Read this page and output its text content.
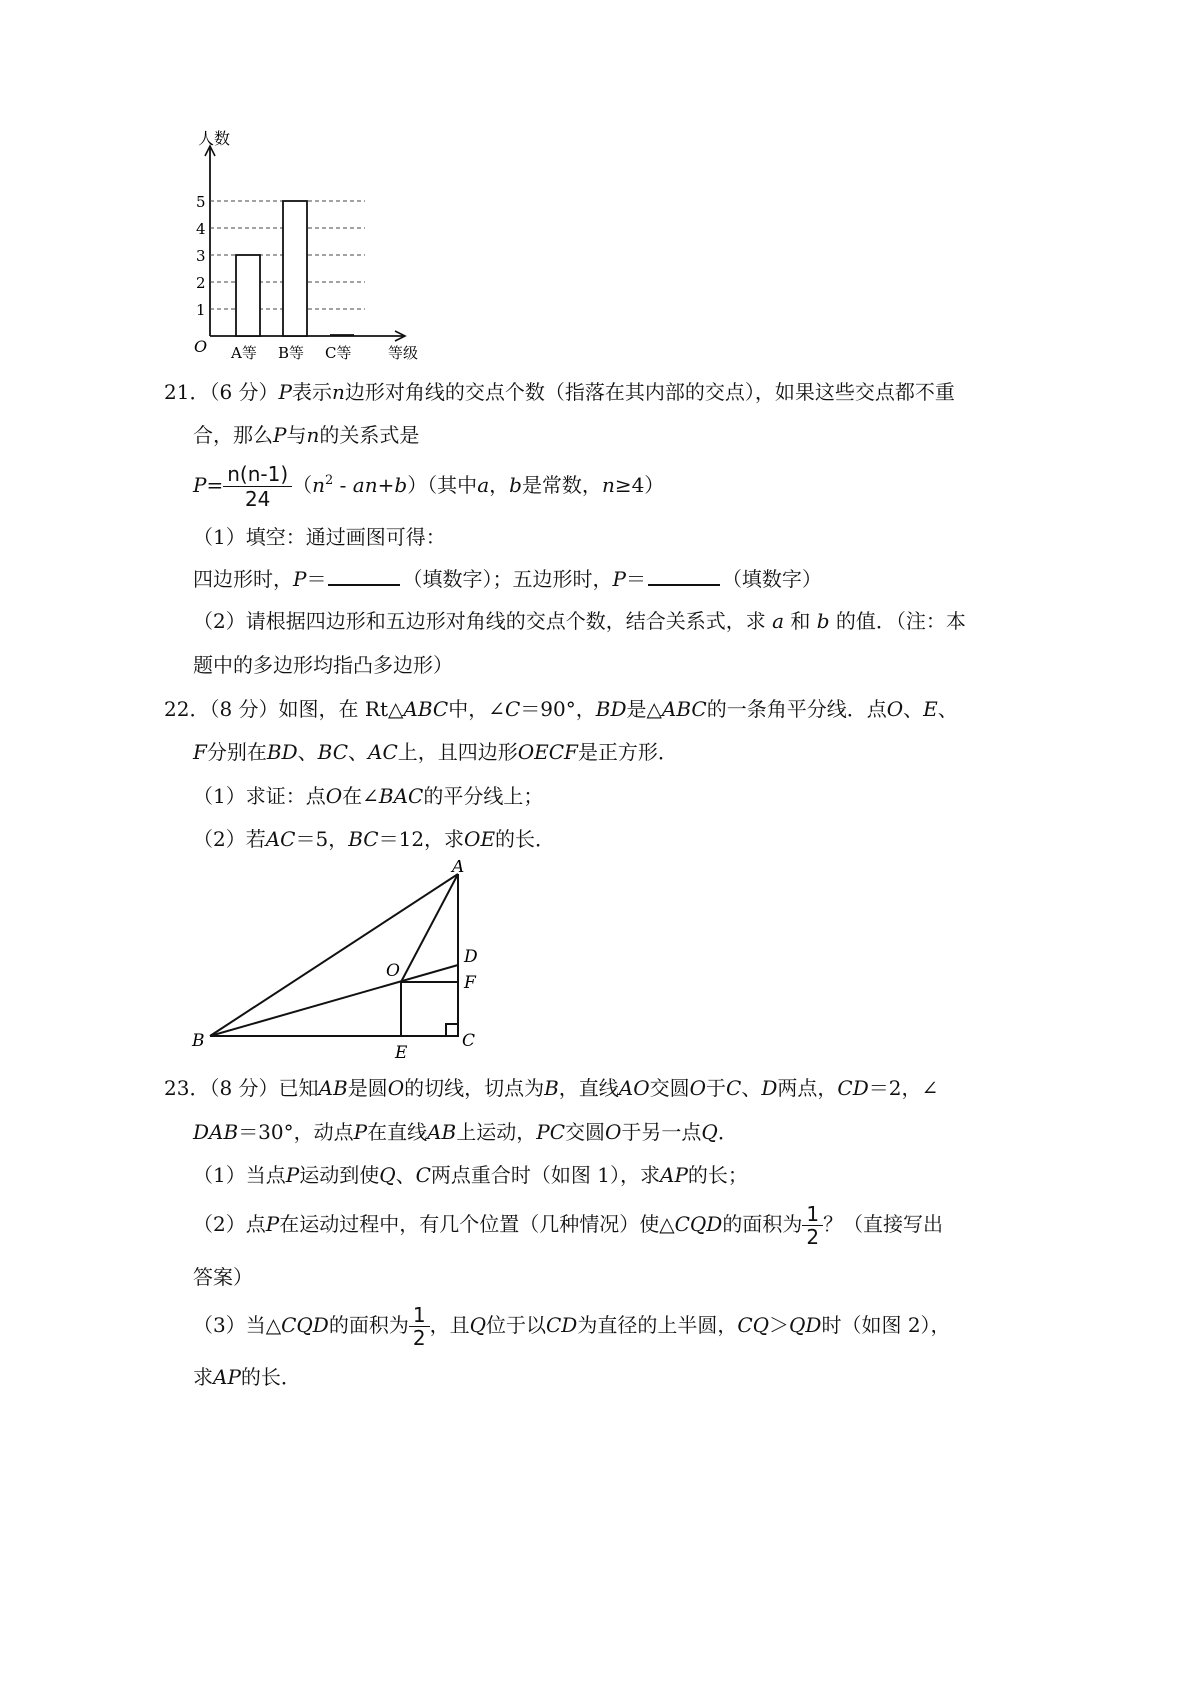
1
2
3
4
5
A等 B等 C等
O
人数
等级
21．（6 分）P表示n边形对角线的交点个数（指落在其内部的交点），如果这些交点都不重
合，那么P与n的关系式是
$P= \frac{n(n-1)}{24} (n^2 - an+b)$（其中a，b是常数，n≥4）
（1）填空：通过画图可得：
四边形时，P＝	（填数字）；五边形时，P＝	（填数字）
（2）请根据四边形和五边形对角线的交点个数，结合关系式，求 a 和 b 的值．（注：本
题中的多边形均指凸多边形）
22．（8 分）如图，在 Rt△ABC中，∠C＝90°，BD是△ABC的一条角平分线．点O、E、
F分别在BD、BC、AC上，且四边形OECF是正方形．
（1）求证：点O在∠BAC的平分线上；
（2）若AC＝5，BC＝12，求OE的长．
A
B	C
D
E
F
O
23．（8 分）已知AB是圆O的切线，切点为B，直线AO交圆O于C、D两点，CD＝2，∠
DAB＝30°，动点P在直线AB上运动，PC交圆O于另一点Q．
（1）当点P运动到使Q、C两点重合时（如图 1），求AP的长；
（2）点P在运动过程中，有几个位置（几种情况）使△CQD的面积为 $\frac{1}{2}$ ？（直接写出
答案）
（3）当△CQD的面积为 $\frac{1}{2}$ ，且Q位于以CD为直径的上半圆，CQ＞QD时（如图 2），
求AP的长．
